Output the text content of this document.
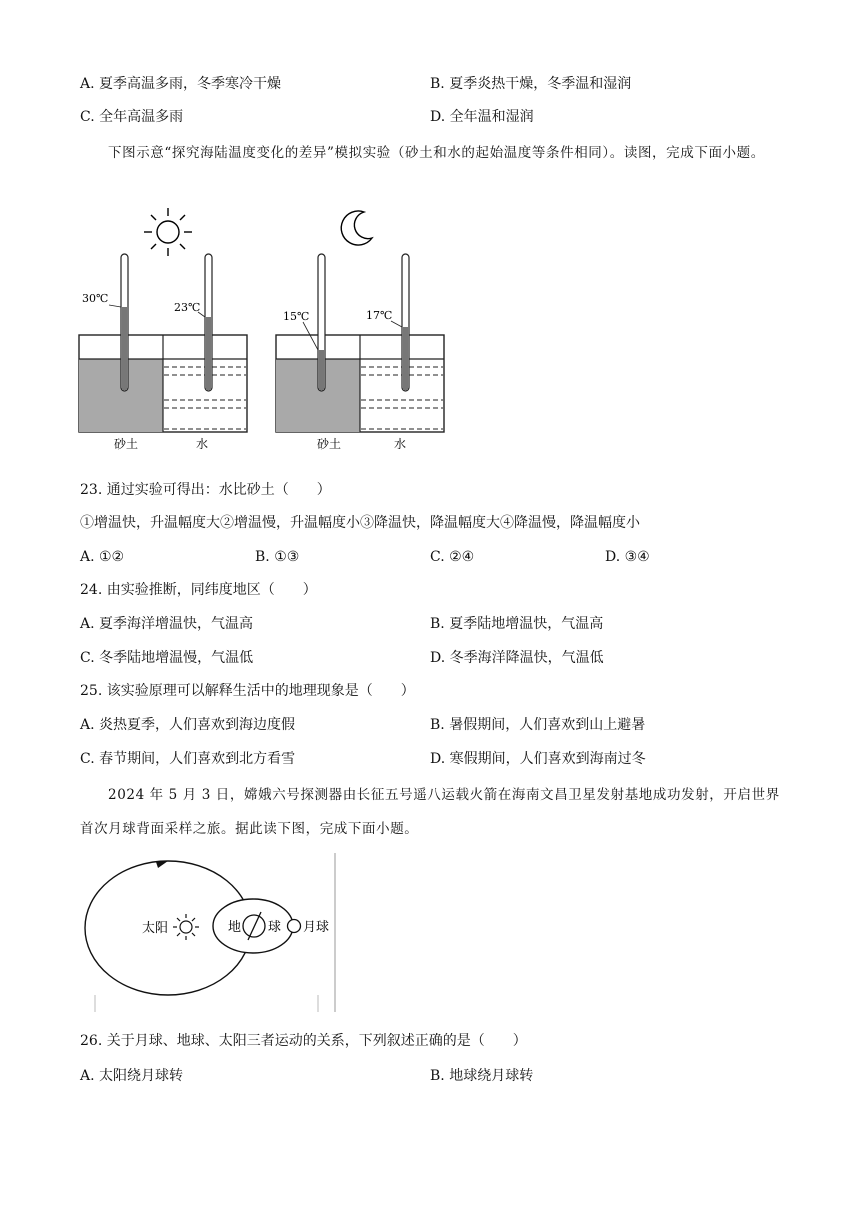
A. 夏季高温多雨，冬季寒冷干燥	B. 夏季炎热干燥，冬季温和湿润
C. 全年高温多雨	D. 全年温和湿润
下图示意“探究海陆温度变化的差异”模拟实验（砂土和水的起始温度等条件相同）。读图，完成下面小题。
30℃
23℃
砂土	水
15℃	17℃
砂土	水
23. 通过实验可得出：水比砂土（　　）
①增温快，升温幅度大②增温慢，升温幅度小③降温快，降温幅度大④降温慢，降温幅度小
A. ①②	B. ①③	C. ②④	D. ③④
24. 由实验推断，同纬度地区（　　）
A. 夏季海洋增温快，气温高	B. 夏季陆地增温快，气温高
C. 冬季陆地增温慢，气温低	D. 冬季海洋降温快，气温低
25. 该实验原理可以解释生活中的地理现象是（　　）
A. 炎热夏季，人们喜欢到海边度假	B. 暑假期间，人们喜欢到山上避暑
C. 春节期间，人们喜欢到北方看雪	D. 寒假期间，人们喜欢到海南过冬
2024 年 5 月 3 日，嫦娥六号探测器由长征五号遥八运载火箭在海南文昌卫星发射基地成功发射，开启世界首次月球背面采样之旅。据此读下图，完成下面小题。
太阳	地 球 月球
26. 关于月球、地球、太阳三者运动的关系，下列叙述正确的是（　　）
A. 太阳绕月球转	B. 地球绕月球转
